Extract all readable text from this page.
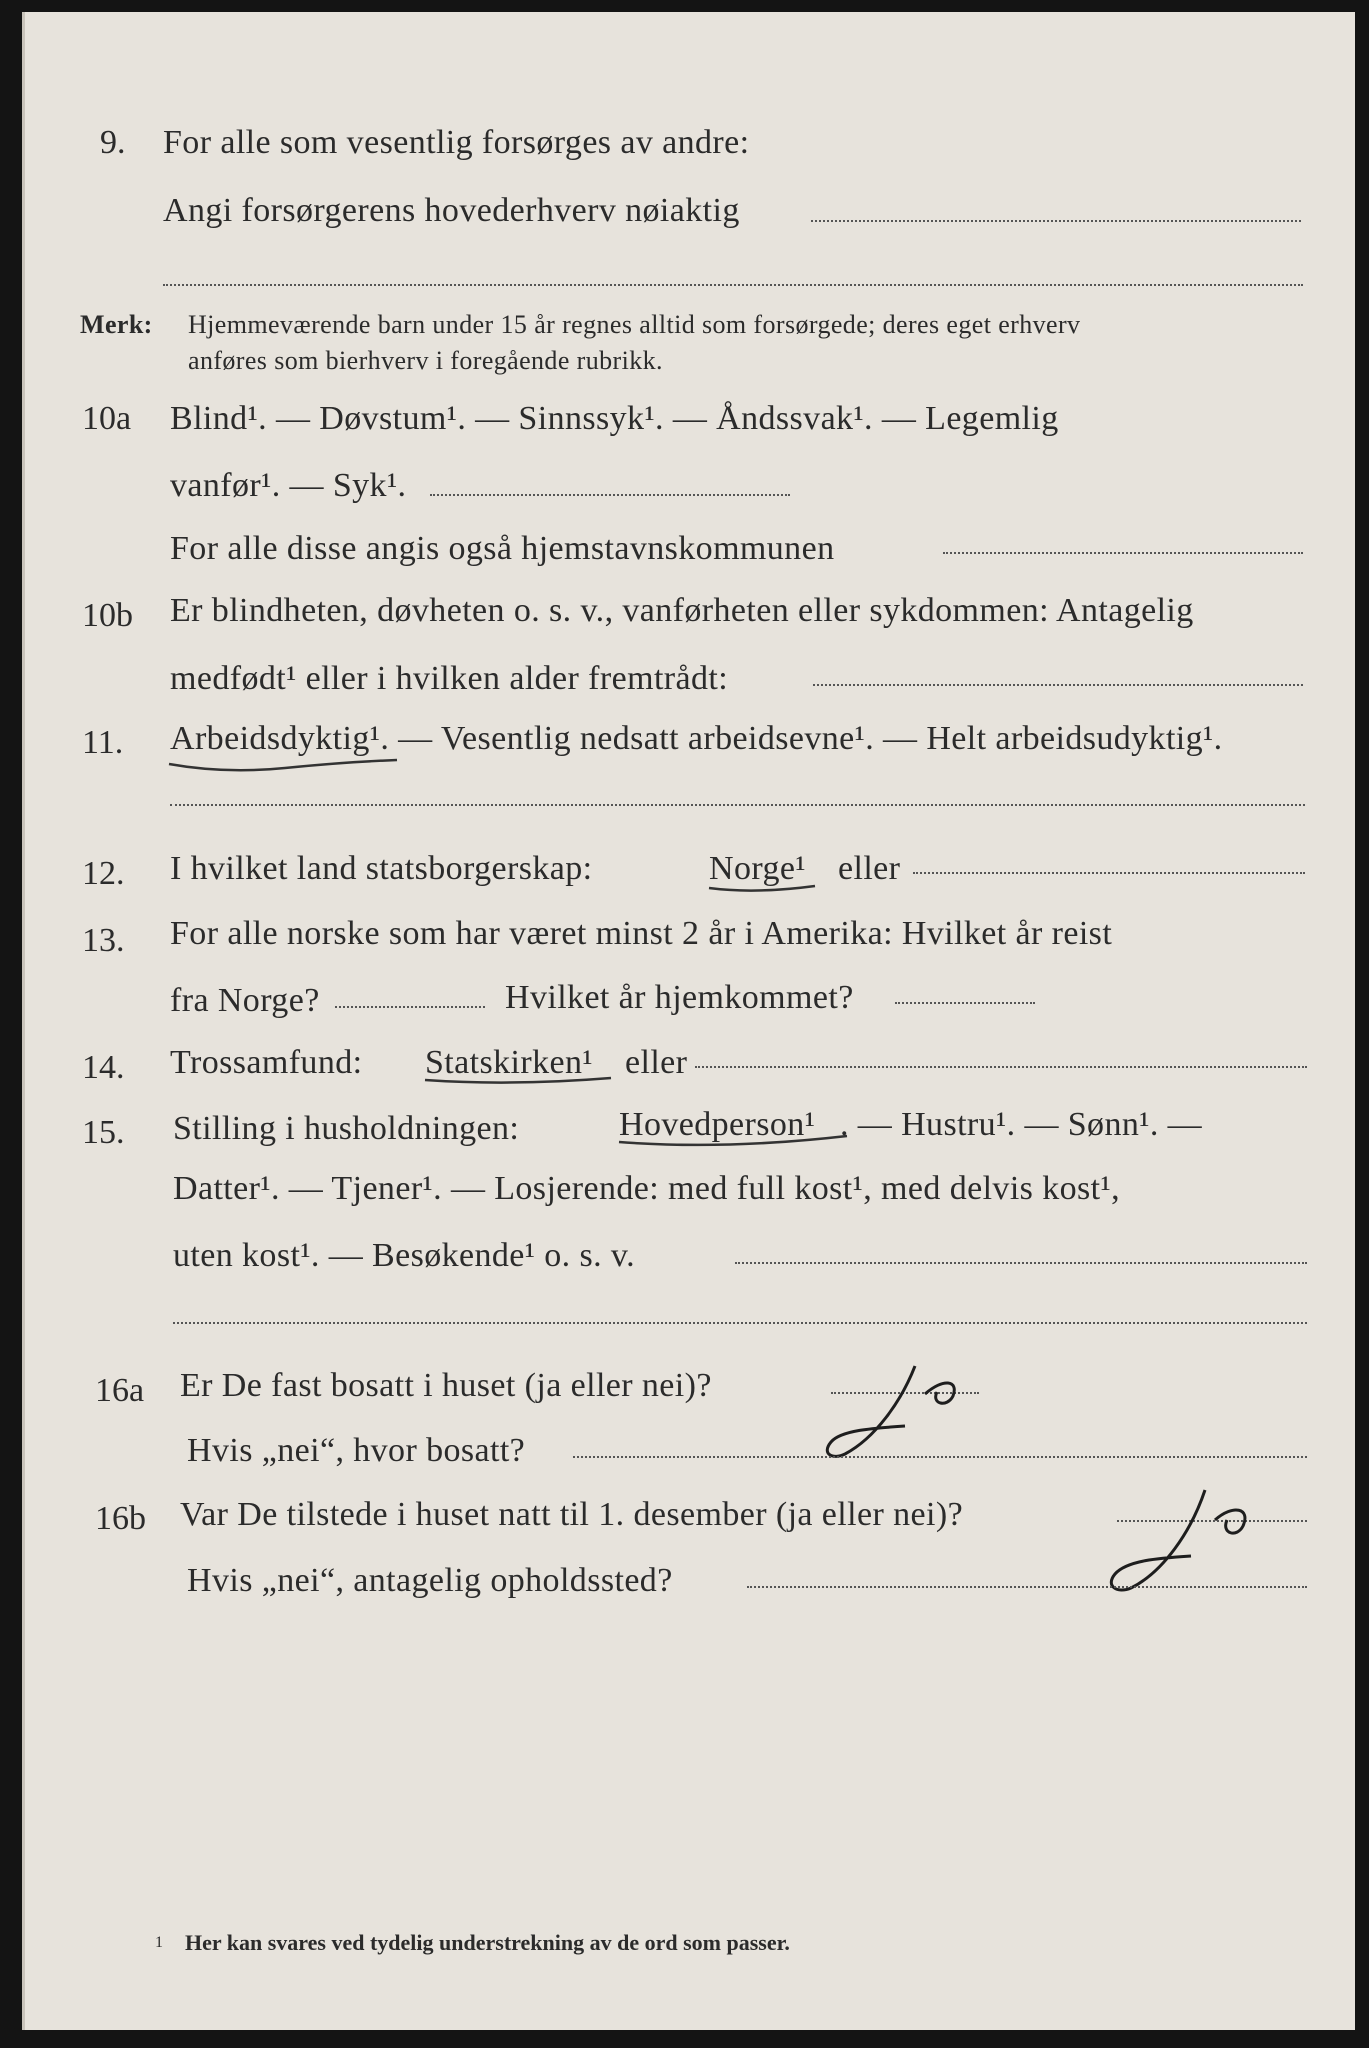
9. For alle som vesentlig forsørges av andre:
Angi forsørgerens hovederhverv nøiaktig
Merk: Hjemmeværende barn under 15 år regnes alltid som forsørgede; deres eget erhverv
anføres som bierhverv i foregående rubrikk.
10a Blind¹. — Døvstum¹. — Sinnssyk¹. — Åndssvak¹. — Legemlig
vanfør¹. — Syk¹.
For alle disse angis også hjemstavnskommunen
10b Er blindheten, døvheten o. s. v., vanførheten eller sykdommen: Antagelig
medfødt¹ eller i hvilken alder fremtrådt:
11. Arbeidsdyktig¹. — Vesentlig nedsatt arbeidsevne¹. — Helt arbeidsudyktig¹.
12. I hvilket land statsborgerskap:	Norge¹ eller
13. For alle norske som har været minst 2 år i Amerika: Hvilket år reist
fra Norge?	Hvilket år hjemkommet?
14. Trossamfund: Statskirken¹ eller
15. Stilling i husholdningen:	Hovedperson¹ . — Hustru¹. — Sønn¹. —
Datter¹. — Tjener¹. — Losjerende: med full kost¹, med delvis kost¹,
uten kost¹. — Besøkende¹ o. s. v.
16a Er De fast bosatt i huset (ja eller nei)?
Hvis „nei“, hvor bosatt?
16b Var De tilstede i huset natt til 1. desember (ja eller nei)?
Hvis „nei“, antagelig opholdssted?
1 Her kan svares ved tydelig understrekning av de ord som passer.
